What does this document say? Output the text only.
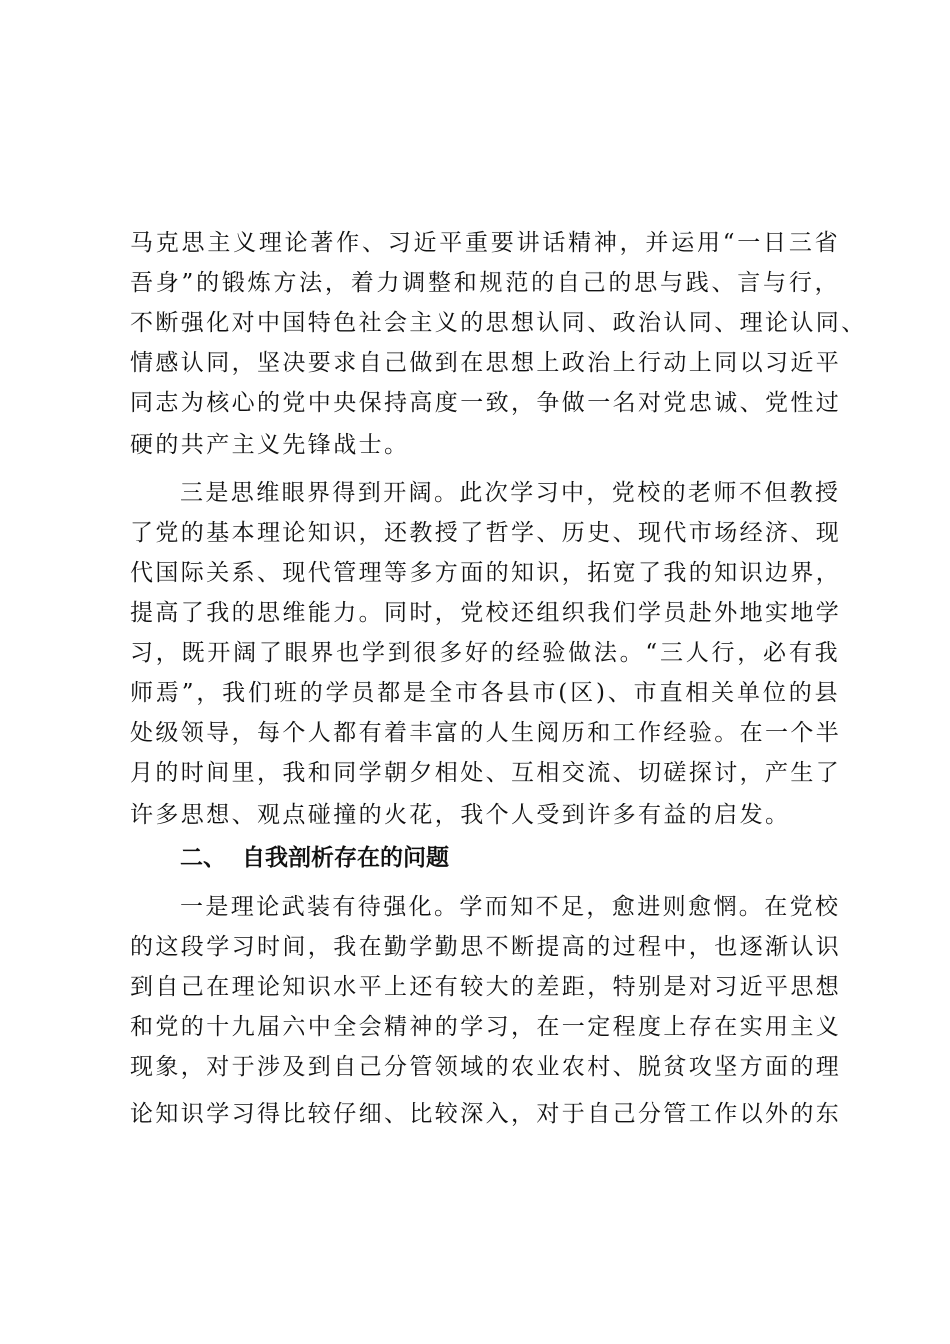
马克思主义理论著作、习近平重要讲话精神，并运用“一日三省
吾身”的锻炼方法，着力调整和规范的自己的思与践、言与行，
不断强化对中国特色社会主义的思想认同、政治认同、理论认同、
情感认同，坚决要求自己做到在思想上政治上行动上同以习近平
同志为核心的党中央保持高度一致，争做一名对党忠诚、党性过
硬的共产主义先锋战士。
三是思维眼界得到开阔。此次学习中，党校的老师不但教授
了党的基本理论知识，还教授了哲学、历史、现代市场经济、现
代国际关系、现代管理等多方面的知识，拓宽了我的知识边界，
提高了我的思维能力。同时，党校还组织我们学员赴外地实地学
习，既开阔了眼界也学到很多好的经验做法。“三人行，必有我
师焉”，我们班的学员都是全市各县市(区)、市直相关单位的县
处级领导，每个人都有着丰富的人生阅历和工作经验。在一个半
月的时间里，我和同学朝夕相处、互相交流、切磋探讨，产生了
许多思想、观点碰撞的火花，我个人受到许多有益的启发。
二、 自我剖析存在的问题
一是理论武装有待强化。学而知不足，愈进则愈惘。在党校
的这段学习时间，我在勤学勤思不断提高的过程中，也逐渐认识
到自己在理论知识水平上还有较大的差距，特别是对习近平思想
和党的十九届六中全会精神的学习，在一定程度上存在实用主义
现象，对于涉及到自己分管领域的农业农村、脱贫攻坚方面的理
论知识学习得比较仔细、比较深入，对于自己分管工作以外的东
